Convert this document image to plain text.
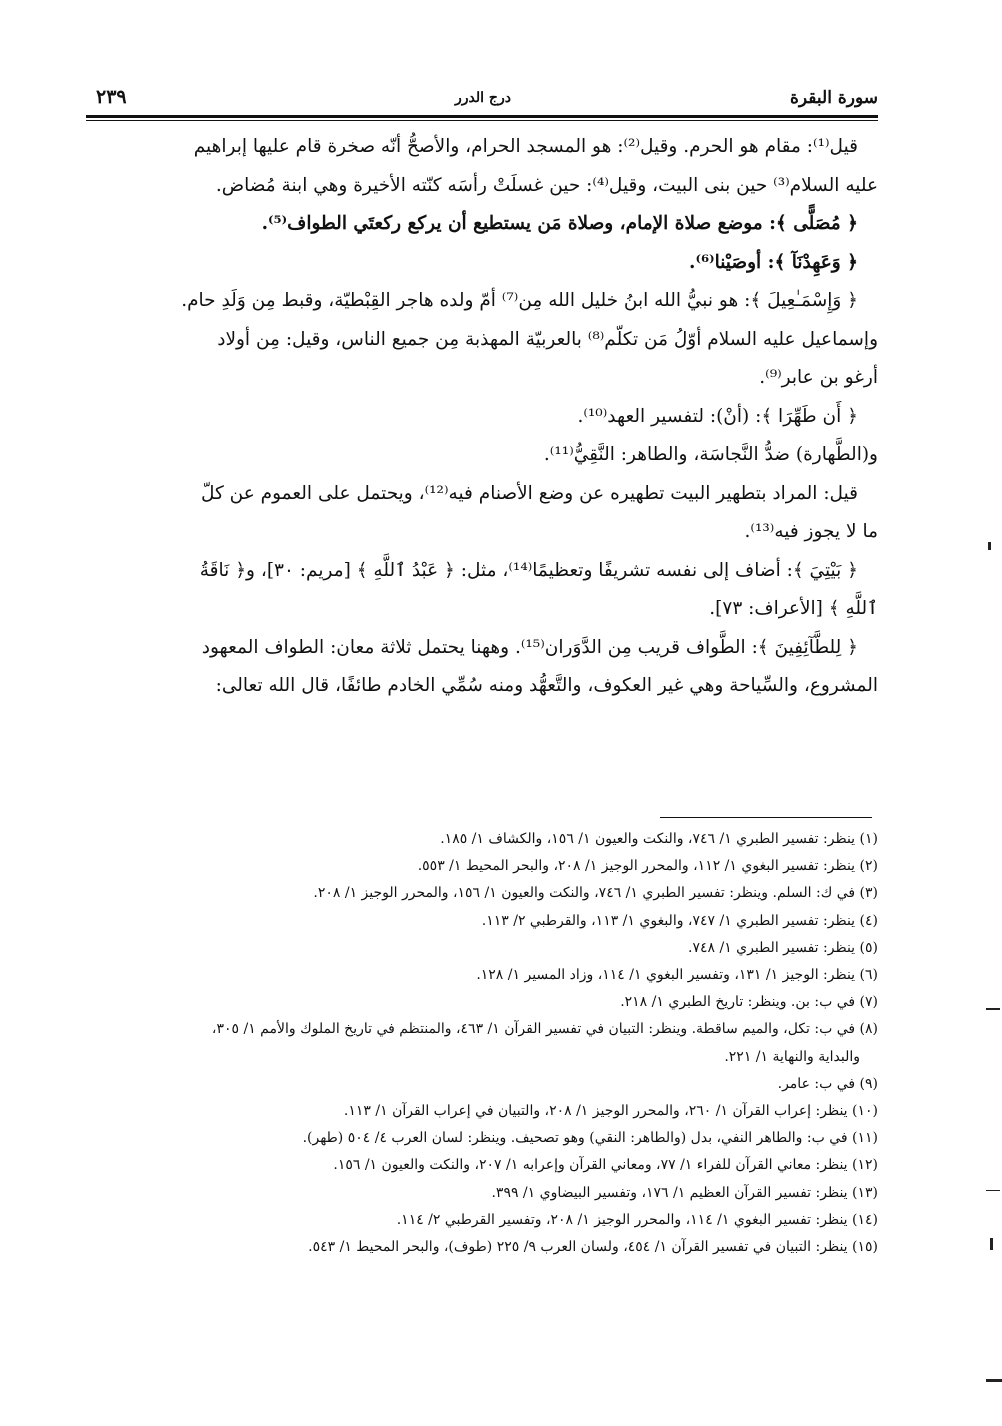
سورة البقرة
درج الدرر
٢٣٩

قيل⁽¹⁾: مقام هو الحرم. وقيل⁽²⁾: هو المسجد الحرام، والأصحُّ أنّه صخرة قام عليها إبراهيم

عليه السلام⁽³⁾ حين بنى البيت، وقيل⁽⁴⁾: حين غسلَتْ رأسَه كنّته الأخيرة وهي ابنة مُضاض.

﴿ مُصَلًّى ﴾: موضع صلاة الإمام، وصلاة مَن يستطيع أن يركع ركعتَي الطواف⁽⁵⁾.

﴿ وَعَهِدْنَآ ﴾: أوصَيْنا⁽⁶⁾.

﴿ وَإِسْمَـٰعِيلَ ﴾: هو نبيُّ الله ابنُ خليل الله مِن⁽⁷⁾ أمّ ولده هاجر القِبْطيّة، وقبط مِن وَلَدِ حام.

وإسماعيل عليه السلام أوّلُ مَن تكلّم⁽⁸⁾ بالعربيّة المهذبة مِن جميع الناس، وقيل: مِن أولاد

أرغو بن عابر⁽⁹⁾.

﴿ أَن طَهِّرَا ﴾: (أنْ): لتفسير العهد⁽¹⁰⁾.

و(الطَّهارة) ضدُّ النَّجاسَة، والطاهر: النَّقِيُّ⁽¹¹⁾.

قيل: المراد بتطهير البيت تطهيره عن وضع الأصنام فيه⁽¹²⁾، ويحتمل على العموم عن كلّ

ما لا يجوز فيه⁽¹³⁾.

﴿ بَيْتِيَ ﴾: أضاف إلى نفسه تشريفًا وتعظيمًا⁽¹⁴⁾، مثل: ﴿ عَبْدُ ٱللَّهِ ﴾ [مريم: ٣٠]، و﴿ نَاقَةُ

ٱللَّهِ ﴾ [الأعراف: ٧٣].

﴿ لِلطَّآئِفِينَ ﴾: الطَّواف قريب مِن الدَّوَران⁽¹⁵⁾. وههنا يحتمل ثلاثة معان: الطواف المعهود

المشروع، والسِّياحة وهي غير العكوف، والتَّعهُّد ومنه سُمِّي الخادم طائفًا، قال الله تعالى:

(١) ينظر: تفسير الطبري ١/ ٧٤٦، والنكت والعيون ١/ ١٥٦، والكشاف ١/ ١٨٥.

(٢) ينظر: تفسير البغوي ١/ ١١٢، والمحرر الوجيز ١/ ٢٠٨، والبحر المحيط ١/ ٥٥٣.

(٣) في ك: السلم. وينظر: تفسير الطبري ١/ ٧٤٦، والنكت والعيون ١/ ١٥٦، والمحرر الوجيز ١/ ٢٠٨.

(٤) ينظر: تفسير الطبري ١/ ٧٤٧، والبغوي ١/ ١١٣، والقرطبي ٢/ ١١٣.

(٥) ينظر: تفسير الطبري ١/ ٧٤٨.

(٦) ينظر: الوجيز ١/ ١٣١، وتفسير البغوي ١/ ١١٤، وزاد المسير ١/ ١٢٨.

(٧) في ب: بن. وينظر: تاريخ الطبري ١/ ٢١٨.

(٨) في ب: تكل، والميم ساقطة. وينظر: التبيان في تفسير القرآن ١/ ٤٦٣، والمنتظم في تاريخ الملوك والأمم ١/ ٣٠٥،

والبداية والنهاية ١/ ٢٢١.

(٩) في ب: عامر.

(١٠) ينظر: إعراب القرآن ١/ ٢٦٠، والمحرر الوجيز ١/ ٢٠٨، والتبيان في إعراب القرآن ١/ ١١٣.

(١١) في ب: والطاهر النفي، بدل (والطاهر: النقي) وهو تصحيف. وينظر: لسان العرب ٤/ ٥٠٤ (طهر).

(١٢) ينظر: معاني القرآن للفراء ١/ ٧٧، ومعاني القرآن وإعرابه ١/ ٢٠٧، والنكت والعيون ١/ ١٥٦.

(١٣) ينظر: تفسير القرآن العظيم ١/ ١٧٦، وتفسير البيضاوي ١/ ٣٩٩.

(١٤) ينظر: تفسير البغوي ١/ ١١٤، والمحرر الوجيز ١/ ٢٠٨، وتفسير القرطبي ٢/ ١١٤.

(١٥) ينظر: التبيان في تفسير القرآن ١/ ٤٥٤، ولسان العرب ٩/ ٢٢٥ (طوف)، والبحر المحيط ١/ ٥٤٣.
